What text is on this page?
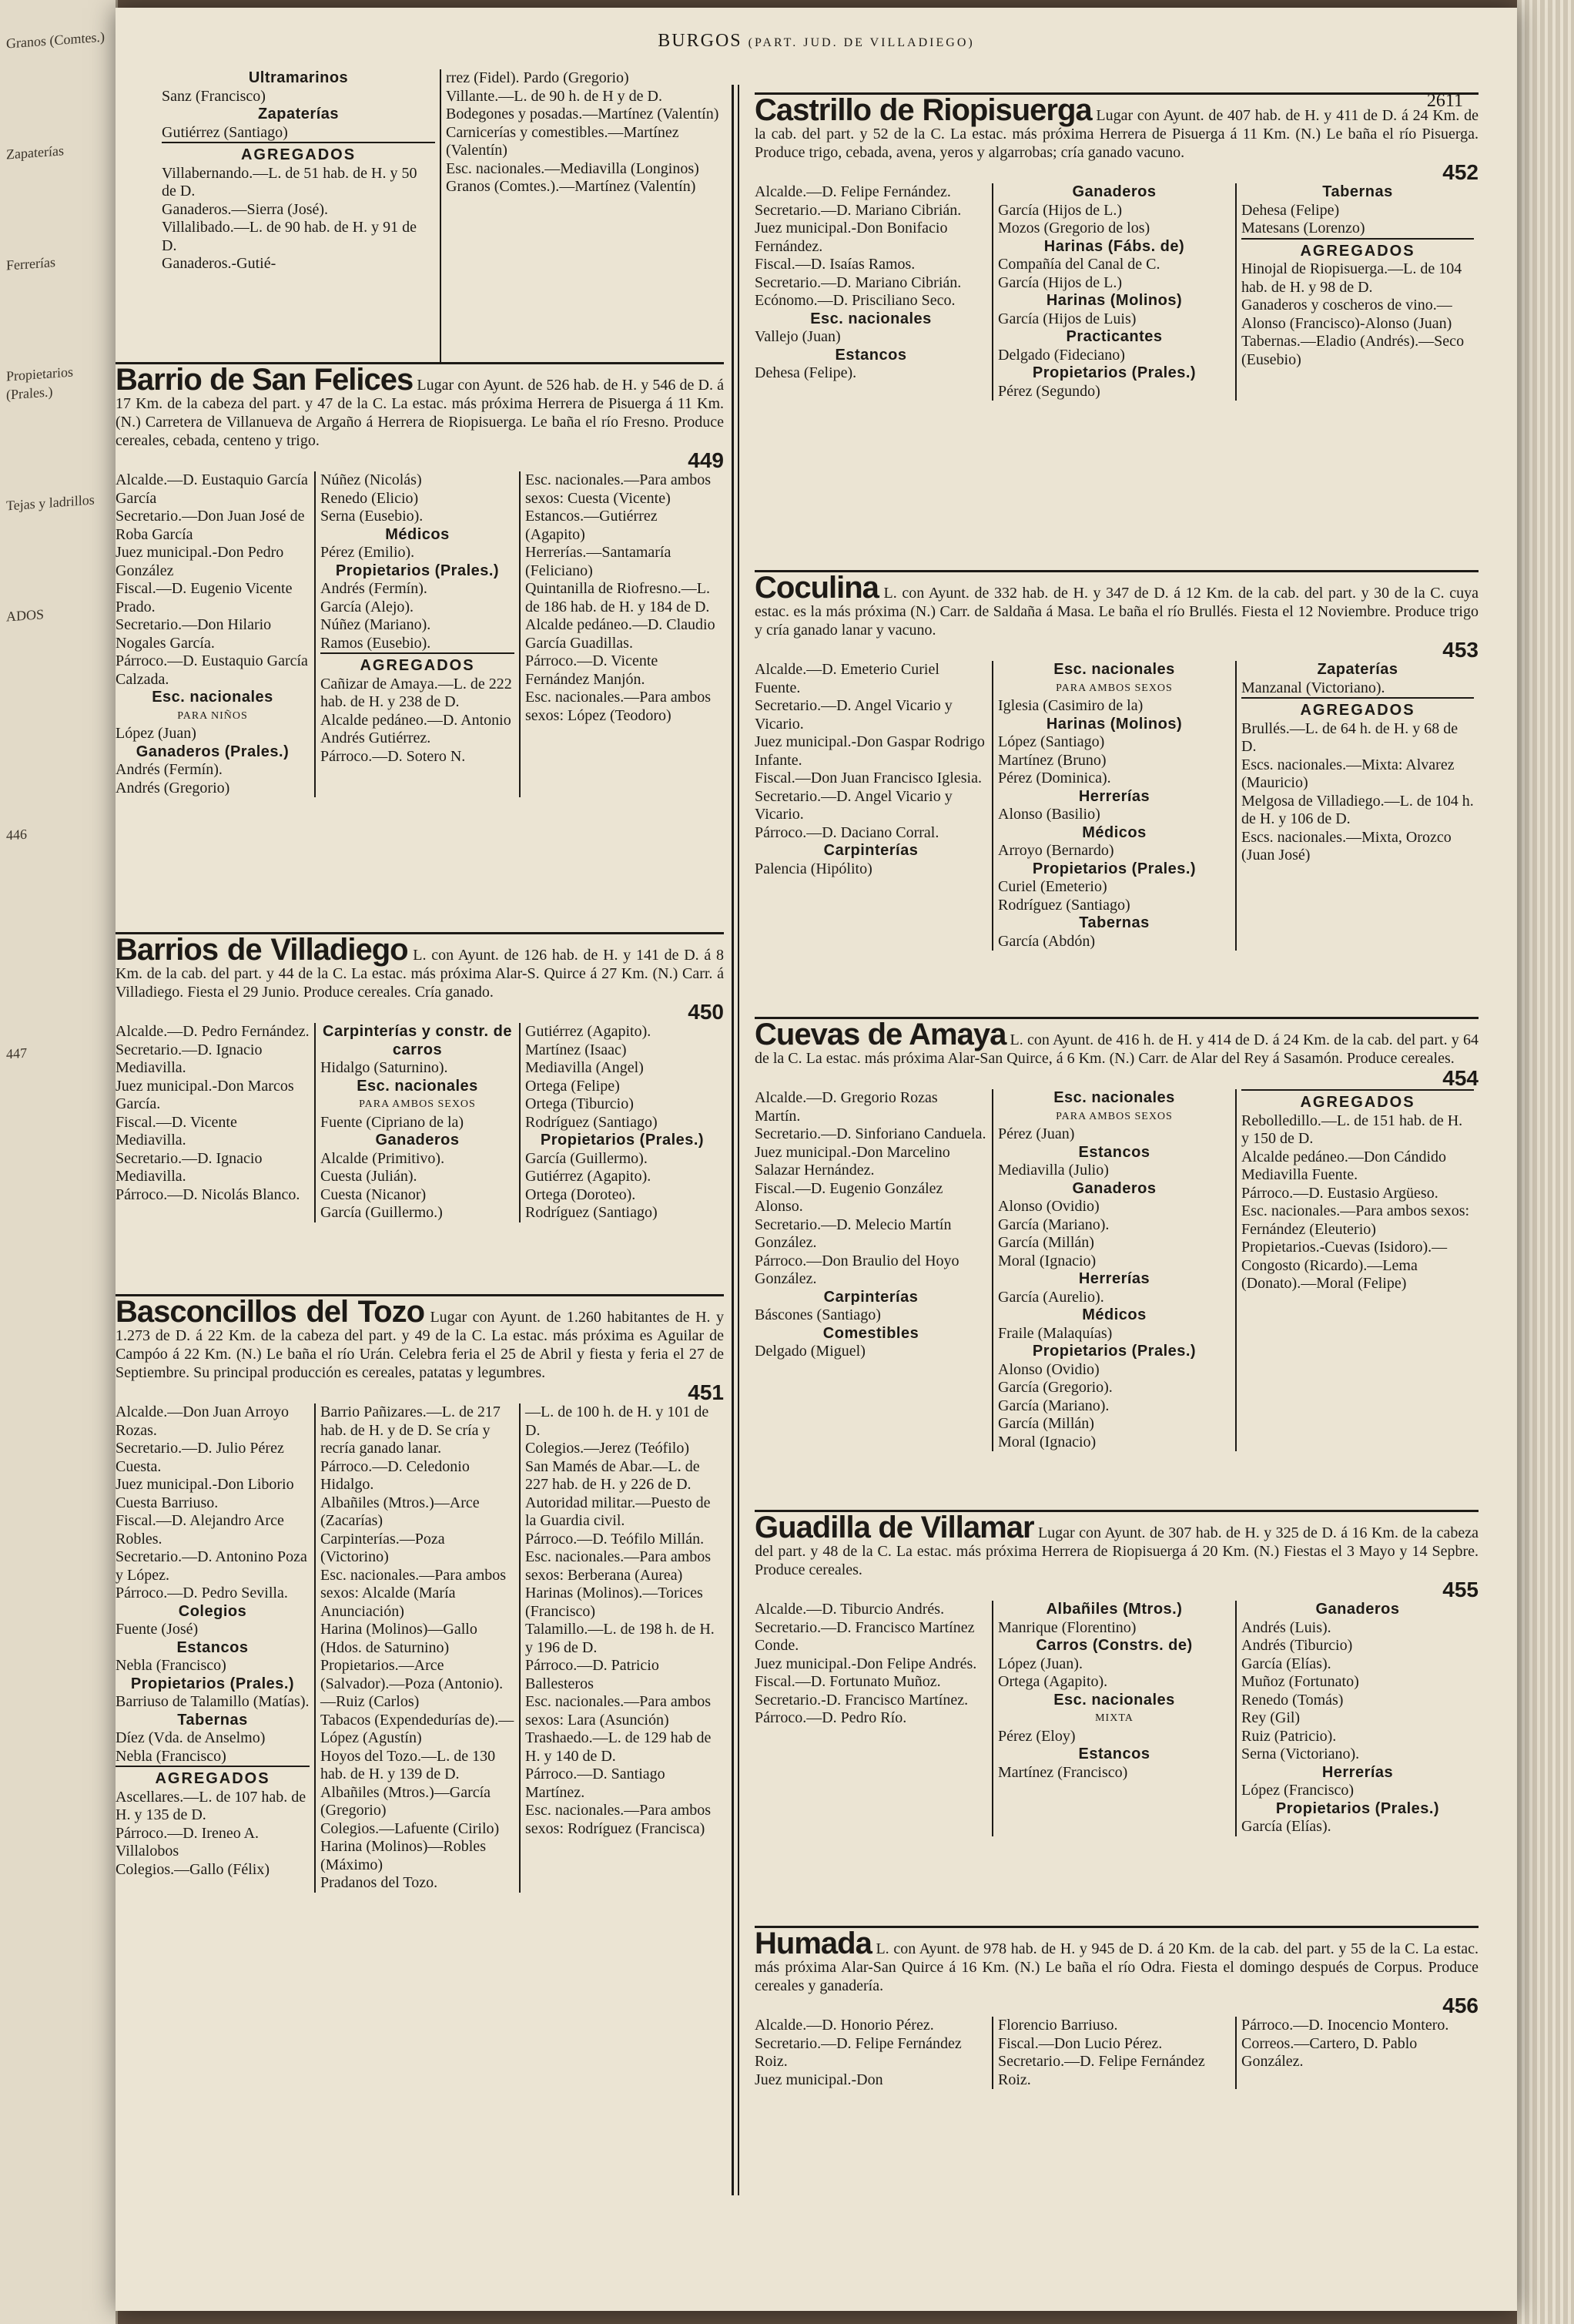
Granos (Comtes.)
Zapaterías
Ferrerías
Propietarios (Prales.)
Tejas y ladrillos
ADOS
446
447
BURGOS (PART. JUD. DE VILLADIEGO)
2611

Ultramarinos

Sanz (Francisco)

Zapaterías

Gutiérrez (Santiago)

AGREGADOS

Villabernando.—L. de 51 hab. de H. y 50 de D.

Ganaderos.—Sierra (José).

Villalibado.—L. de 90 hab. de H. y 91 de D.

Ganaderos.-Gutié-

rrez (Fidel). Pardo (Gregorio)

Villante.—L. de 90 h. de H y de D.

Bodegones y posadas.—Martínez (Valentín)

Carnicerías y comestibles.—Martínez (Valentín)

Esc. nacionales.—Mediavilla (Longinos)

Granos (Comtes.).—Martínez (Valentín)

Barrio de San Felices Lugar con Ayunt. de 526 hab. de H. y 546 de D. á 17 Km. de la cabeza del part. y 47 de la C. La estac. más próxima Herrera de Pisuerga á 11 Km. (N.) Carretera de Villanueva de Argaño á Herrera de Riopisuerga. Le baña el río Fresno. Produce cereales, cebada, centeno y trigo.
449

Alcalde.—D. Eustaquio García García

Secretario.—Don Juan José de Roba García

Juez municipal.-Don Pedro González

Fiscal.—D. Eugenio Vicente Prado.

Secretario.—Don Hilario Nogales García.

Párroco.—D. Eustaquio García Calzada.

Esc. nacionales

PARA NIÑOS

López (Juan)

Ganaderos (Prales.)

Andrés (Fermín).

Andrés (Gregorio)

Núñez (Nicolás)

Renedo (Elicio)

Serna (Eusebio).

Médicos

Pérez (Emilio).

Propietarios (Prales.)

Andrés (Fermín).

García (Alejo).

Núñez (Mariano).

Ramos (Eusebio).

AGREGADOS

Cañizar de Amaya.—L. de 222 hab. de H. y 238 de D.

Alcalde pedáneo.—D. Antonio Andrés Gutiérrez.

Párroco.—D. Sotero N.

Esc. nacionales.—Para ambos sexos: Cuesta (Vicente)

Estancos.—Gutiérrez (Agapito)

Herrerías.—Santamaría (Feliciano)

Quintanilla de Riofresno.—L. de 186 hab. de H. y 184 de D.

Alcalde pedáneo.—D. Claudio García Guadillas.

Párroco.—D. Vicente Fernández Manjón.

Esc. nacionales.—Para ambos sexos: López (Teodoro)

Barrios de Villadiego L. con Ayunt. de 126 hab. de H. y 141 de D. á 8 Km. de la cab. del part. y 44 de la C. La estac. más próxima Alar-S. Quirce á 27 Km. (N.) Carr. á Villadiego. Fiesta el 29 Junio. Produce cereales. Cría ganado.
450

Alcalde.—D. Pedro Fernández.

Secretario.—D. Ignacio Mediavilla.

Juez municipal.-Don Marcos García.

Fiscal.—D. Vicente Mediavilla.

Secretario.—D. Ignacio Mediavilla.

Párroco.—D. Nicolás Blanco.

Carpinterías y constr. de carros

Hidalgo (Saturnino).

Esc. nacionales

PARA AMBOS SEXOS

Fuente (Cipriano de la)

Ganaderos

Alcalde (Primitivo).

Cuesta (Julián).

Cuesta (Nicanor)

García (Guillermo.)

Gutiérrez (Agapito).

Martínez (Isaac)

Mediavilla (Angel)

Ortega (Felipe)

Ortega (Tiburcio)

Rodríguez (Santiago)

Propietarios (Prales.)

García (Guillermo).

Gutiérrez (Agapito).

Ortega (Doroteo).

Rodríguez (Santiago)

Basconcillos del Tozo Lugar con Ayunt. de 1.260 habitantes de H. y 1.273 de D. á 22 Km. de la cabeza del part. y 49 de la C. La estac. más próxima es Aguilar de Campóo á 22 Km. (N.) Le baña el río Urán. Celebra feria el 25 de Abril y fiesta y feria el 27 de Septiembre. Su principal producción es cereales, patatas y legumbres.
451

Alcalde.—Don Juan Arroyo Rozas.

Secretario.—D. Julio Pérez Cuesta.

Juez municipal.-Don Liborio Cuesta Barriuso.

Fiscal.—D. Alejandro Arce Robles.

Secretario.—D. Antonino Poza y López.

Párroco.—D. Pedro Sevilla.

Colegios

Fuente (José)

Estancos

Nebla (Francisco)

Propietarios (Prales.)

Barriuso de Talamillo (Matías).

Tabernas

Díez (Vda. de Anselmo)

Nebla (Francisco)

AGREGADOS

Ascellares.—L. de 107 hab. de H. y 135 de D.

Párroco.—D. Ireneo A. Villalobos

Colegios.—Gallo (Félix)

Barrio Pañizares.—L. de 217 hab. de H. y de D. Se cría y recría ganado lanar.

Párroco.—D. Celedonio Hidalgo.

Albañiles (Mtros.)—Arce (Zacarías)

Carpinterías.—Poza (Victorino)

Esc. nacionales.—Para ambos sexos: Alcalde (María Anunciación)

Harina (Molinos)—Gallo (Hdos. de Saturnino)

Propietarios.—Arce (Salvador).—Poza (Antonio).—Ruiz (Carlos)

Tabacos (Expendedurías de).—López (Agustín)

Hoyos del Tozo.—L. de 130 hab. de H. y 139 de D.

Albañiles (Mtros.)—García (Gregorio)

Colegios.—Lafuente (Cirilo)

Harina (Molinos)—Robles (Máximo)

Pradanos del Tozo.

—L. de 100 h. de H. y 101 de D.

Colegios.—Jerez (Teófilo)

San Mamés de Abar.—L. de 227 hab. de H. y 226 de D.

Autoridad militar.—Puesto de la Guardia civil.

Párroco.—D. Teófilo Millán.

Esc. nacionales.—Para ambos sexos: Berberana (Aurea)

Harinas (Molinos).—Torices (Francisco)

Talamillo.—L. de 198 h. de H. y 196 de D.

Párroco.—D. Patricio Ballesteros

Esc. nacionales.—Para ambos sexos: Lara (Asunción)

Trashaedo.—L. de 129 hab de H. y 140 de D.

Párroco.—D. Santiago Martínez.

Esc. nacionales.—Para ambos sexos: Rodríguez (Francisca)

Castrillo de Riopisuerga Lugar con Ayunt. de 407 hab. de H. y 411 de D. á 24 Km. de la cab. del part. y 52 de la C. La estac. más próxima Herrera de Pisuerga á 11 Km. (N.) Le baña el río Pisuerga. Produce trigo, cebada, avena, yeros y algarrobas; cría ganado vacuno.
452

Alcalde.—D. Felipe Fernández.

Secretario.—D. Mariano Cibrián.

Juez municipal.-Don Bonifacio Fernández.

Fiscal.—D. Isaías Ramos.

Secretario.—D. Mariano Cibrián.

Ecónomo.—D. Prisciliano Seco.

Esc. nacionales

Vallejo (Juan)

Estancos

Dehesa (Felipe).

Ganaderos

García (Hijos de L.)

Mozos (Gregorio de los)

Harinas (Fábs. de)

Compañía del Canal de C.

García (Hijos de L.)

Harinas (Molinos)

García (Hijos de Luis)

Practicantes

Delgado (Fideciano)

Propietarios (Prales.)

Pérez (Segundo)

Tabernas

Dehesa (Felipe)

Matesans (Lorenzo)

AGREGADOS

Hinojal de Riopisuerga.—L. de 104 hab. de H. y 98 de D.

Ganaderos y coscheros de vino.—Alonso (Francisco)-Alonso (Juan)

Tabernas.—Eladio (Andrés).—Seco (Eusebio)

Coculina L. con Ayunt. de 332 hab. de H. y 347 de D. á 12 Km. de la cab. del part. y 30 de la C. cuya estac. es la más próxima (N.) Carr. de Saldaña á Masa. Le baña el río Brullés. Fiesta el 12 Noviembre. Produce trigo y cría ganado lanar y vacuno.
453

Alcalde.—D. Emeterio Curiel Fuente.

Secretario.—D. Angel Vicario y Vicario.

Juez municipal.-Don Gaspar Rodrigo Infante.

Fiscal.—Don Juan Francisco Iglesia.

Secretario.—D. Angel Vicario y Vicario.

Párroco.—D. Daciano Corral.

Carpinterías

Palencia (Hipólito)

Esc. nacionales

PARA AMBOS SEXOS

Iglesia (Casimiro de la)

Harinas (Molinos)

López (Santiago)

Martínez (Bruno)

Pérez (Dominica).

Herrerías

Alonso (Basilio)

Médicos

Arroyo (Bernardo)

Propietarios (Prales.)

Curiel (Emeterio)

Rodríguez (Santiago)

Tabernas

García (Abdón)

Zapaterías

Manzanal (Victoriano).

AGREGADOS

Brullés.—L. de 64 h. de H. y 68 de D.

Escs. nacionales.—Mixta: Alvarez (Mauricio)

Melgosa de Villadiego.—L. de 104 h. de H. y 106 de D.

Escs. nacionales.—Mixta, Orozco (Juan José)

Cuevas de Amaya L. con Ayunt. de 416 h. de H. y 414 de D. á 24 Km. de la cab. del part. y 64 de la C. La estac. más próxima Alar-San Quirce, á 6 Km. (N.) Carr. de Alar del Rey á Sasamón. Produce cereales.
454

Alcalde.—D. Gregorio Rozas Martín.

Secretario.—D. Sinforiano Canduela.

Juez municipal.-Don Marcelino Salazar Hernández.

Fiscal.—D. Eugenio González Alonso.

Secretario.—D. Melecio Martín González.

Párroco.—Don Braulio del Hoyo González.

Carpinterías

Báscones (Santiago)

Comestibles

Delgado (Miguel)

Esc. nacionales

PARA AMBOS SEXOS

Pérez (Juan)

Estancos

Mediavilla (Julio)

Ganaderos

Alonso (Ovidio)

García (Mariano).

García (Millán)

Moral (Ignacio)

Herrerías

García (Aurelio).

Médicos

Fraile (Malaquías)

Propietarios (Prales.)

Alonso (Ovidio)

García (Gregorio).

García (Mariano).

García (Millán)

Moral (Ignacio)

AGREGADOS

Rebolledillo.—L. de 151 hab. de H. y 150 de D.

Alcalde pedáneo.—Don Cándido Mediavilla Fuente.

Párroco.—D. Eustasio Argüeso.

Esc. nacionales.—Para ambos sexos: Fernández (Eleuterio)

Propietarios.-Cuevas (Isidoro).—Congosto (Ricardo).—Lema (Donato).—Moral (Felipe)

Guadilla de Villamar Lugar con Ayunt. de 307 hab. de H. y 325 de D. á 16 Km. de la cabeza del part. y 48 de la C. La estac. más próxima Herrera de Riopisuerga á 20 Km. (N.) Fiestas el 3 Mayo y 14 Sepbre. Produce cereales.
455

Alcalde.—D. Tiburcio Andrés.

Secretario.—D. Francisco Martínez Conde.

Juez municipal.-Don Felipe Andrés.

Fiscal.—D. Fortunato Muñoz.

Secretario.-D. Francisco Martínez.

Párroco.—D. Pedro Río.

Albañiles (Mtros.)

Manrique (Florentino)

Carros (Constrs. de)

López (Juan).

Ortega (Agapito).

Esc. nacionales

MIXTA

Pérez (Eloy)

Estancos

Martínez (Francisco)

Ganaderos

Andrés (Luis).

Andrés (Tiburcio)

García (Elías).

Muñoz (Fortunato)

Renedo (Tomás)

Rey (Gil)

Ruiz (Patricio).

Serna (Victoriano).

Herrerías

López (Francisco)

Propietarios (Prales.)

García (Elías).

Humada L. con Ayunt. de 978 hab. de H. y 945 de D. á 20 Km. de la cab. del part. y 55 de la C. La estac. más próxima Alar-San Quirce á 16 Km. (N.) Le baña el río Odra. Fiesta el domingo después de Corpus. Produce cereales y ganadería.
456

Alcalde.—D. Honorio Pérez.

Secretario.—D. Felipe Fernández Roiz.

Juez municipal.-Don

Florencio Barriuso.

Fiscal.—Don Lucio Pérez.

Secretario.—D. Felipe Fernández Roiz.

Párroco.—D. Inocencio Montero.

Correos.—Cartero, D. Pablo González.
